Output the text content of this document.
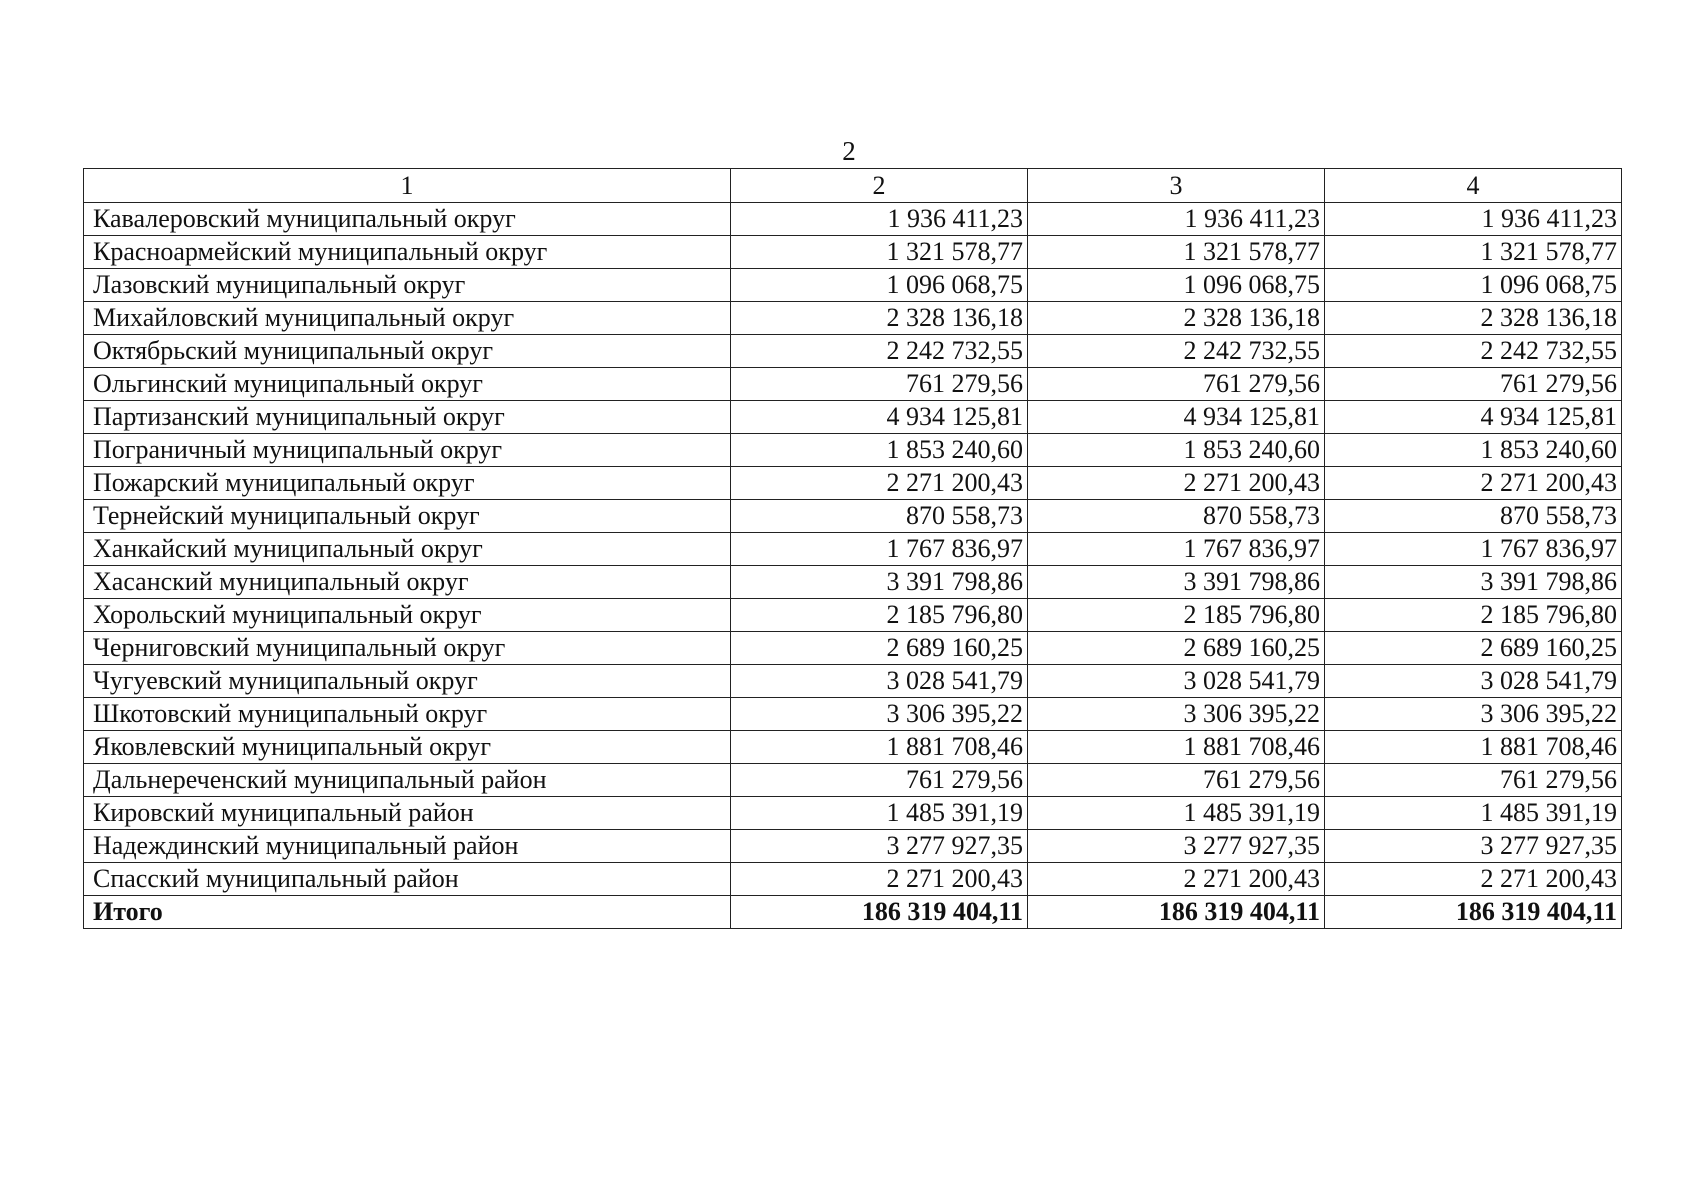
2
1	2	3	4
Кавалеровский муниципальный округ	1 936 411,23	1 936 411,23	1 936 411,23
Красноармейский муниципальный округ	1 321 578,77	1 321 578,77	1 321 578,77
Лазовский муниципальный округ	1 096 068,75	1 096 068,75	1 096 068,75
Михайловский муниципальный округ	2 328 136,18	2 328 136,18	2 328 136,18
Октябрьский муниципальный округ	2 242 732,55	2 242 732,55	2 242 732,55
Ольгинский муниципальный округ	761 279,56	761 279,56	761 279,56
Партизанский муниципальный округ	4 934 125,81	4 934 125,81	4 934 125,81
Пограничный муниципальный округ	1 853 240,60	1 853 240,60	1 853 240,60
Пожарский муниципальный округ	2 271 200,43	2 271 200,43	2 271 200,43
Тернейский муниципальный округ	870 558,73	870 558,73	870 558,73
Ханкайский муниципальный округ	1 767 836,97	1 767 836,97	1 767 836,97
Хасанский муниципальный округ	3 391 798,86	3 391 798,86	3 391 798,86
Хорольский муниципальный округ	2 185 796,80	2 185 796,80	2 185 796,80
Черниговский муниципальный округ	2 689 160,25	2 689 160,25	2 689 160,25
Чугуевский муниципальный округ	3 028 541,79	3 028 541,79	3 028 541,79
Шкотовский муниципальный округ	3 306 395,22	3 306 395,22	3 306 395,22
Яковлевский муниципальный округ	1 881 708,46	1 881 708,46	1 881 708,46
Дальнереченский муниципальный район	761 279,56	761 279,56	761 279,56
Кировский муниципальный район	1 485 391,19	1 485 391,19	1 485 391,19
Надеждинский муниципальный район	3 277 927,35	3 277 927,35	3 277 927,35
Спасский муниципальный район	2 271 200,43	2 271 200,43	2 271 200,43
Итого	186 319 404,11	186 319 404,11	186 319 404,11
